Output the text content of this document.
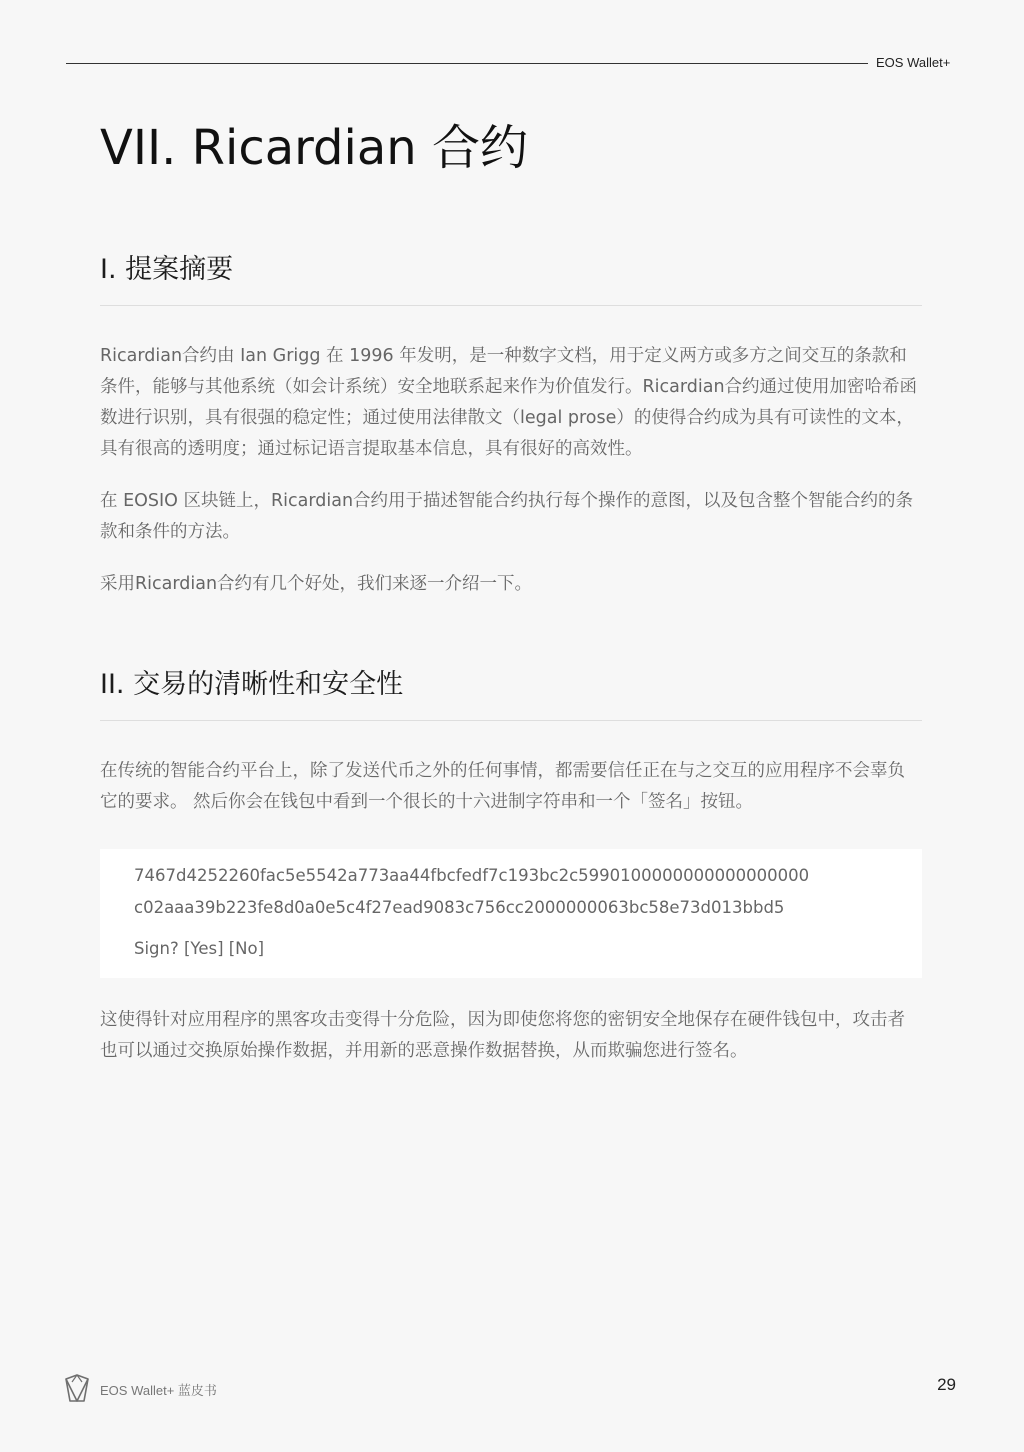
EOS Wallet+
VII. Ricardian 合约
I. 提案摘要

Ricardian合约由 Ian Grigg 在 1996 年发明，是一种数字文档，用于定义两方或多方之间交互的条款和条件，能够与其他系统（如会计系统）安全地联系起来作为价值发行。Ricardian合约通过使用加密哈希函数进行识别，具有很强的稳定性；通过使用法律散文（legal prose）的使得合约成为具有可读性的文本，具有很高的透明度；通过标记语言提取基本信息，具有很好的高效性。

在 EOSIO 区块链上，Ricardian合约用于描述智能合约执行每个操作的意图，以及包含整个智能合约的条款和条件的方法。

采用Ricardian合约有几个好处，我们来逐一介绍一下。

II. 交易的清晰性和安全性

在传统的智能合约平台上，除了发送代币之外的任何事情，都需要信任正在与之交互的应用程序不会辜负它的要求。 然后你会在钱包中看到一个很长的十六进制字符串和一个「签名」按钮。

7467d4252260fac5e5542a773aa44fbcfedf7c193bc2c5990100000000000000000
c02aaa39b223fe8d0a0e5c4f27ead9083c756cc2000000063bc58e73d013bbd5
Sign? [Yes] [No]

这使得针对应用程序的黑客攻击变得十分危险，因为即使您将您的密钥安全地保存在硬件钱包中，攻击者也可以通过交换原始操作数据，并用新的恶意操作数据替换，从而欺骗您进行签名。

EOS Wallet+ 蓝皮书	29
